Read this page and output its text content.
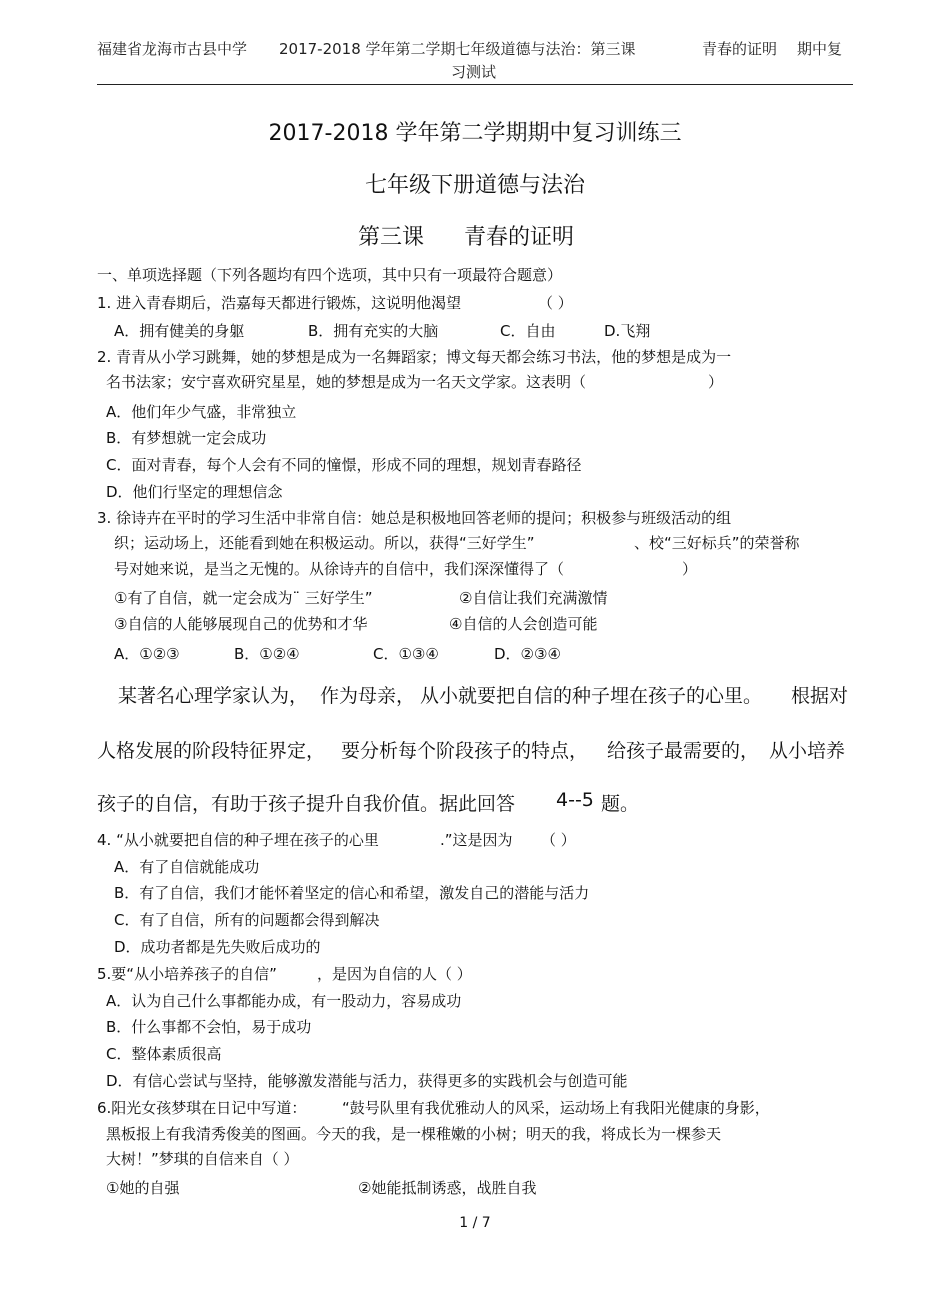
福建省龙海市古县中学 2017-2018 学年第二学期七年级道德与法治：第三课	青春的证明 期中复
习测试
2017-2018 学年第二学期期中复习训练三
七年级下册道德与法治
第三课 青春的证明
一、单项选择题（下列各题均有四个选项，其中只有一项最符合题意）
1. 进入青春期后，浩嘉每天都进行锻炼，这说明他渴望	（ ）
A．拥有健美的身躯	B．拥有充实的大脑	C．自由	D.飞翔
2. 青青从小学习跳舞，她的梦想是成为一名舞蹈家；博文每天都会练习书法，他的梦想是成为一
名书法家；安宁喜欢研究星星，她的梦想是成为一名天文学家。这表明（	）
A．他们年少气盛，非常独立
B．有梦想就一定会成功
C．面对青春，每个人会有不同的憧憬，形成不同的理想，规划青春路径
D．他们行坚定的理想信念
3. 徐诗卉在平时的学习生活中非常自信：她总是积极地回答老师的提问；积极参与班级活动的组
织；运动场上，还能看到她在积极运动。所以，获得“三好学生”	、校“三好标兵”的荣誉称
号对她来说，是当之无愧的。从徐诗卉的自信中，我们深深懂得了（	）
①有了自信，就一定会成为¨ 三好学生”	②自信让我们充满激情
③自信的人能够展现自己的优势和才华	④自信的人会创造可能
A．①②③	B．①②④	C．①③④	D．②③④
某著名心理学家认为， 作为母亲， 从小就要把自信的种子埋在孩子的心里。 根据对
人格发展的阶段特征界定， 要分析每个阶段孩子的特点， 给孩子最需要的， 从小培养
孩子的自信，有助于孩子提升自我价值。据此回答 4--5 题。
4. “从小就要把自信的种子埋在孩子的心里	.”这是因为 （ ）
A．有了自信就能成功
B．有了自信，我们才能怀着坚定的信心和希望，激发自己的潜能与活力
C．有了自信，所有的问题都会得到解决
D．成功者都是先失败后成功的
5.要“从小培养孩子的自信”	，是因为自信的人（ ）
A．认为自己什么事都能办成，有一股动力，容易成功
B．什么事都不会怕，易于成功
C．整体素质很高
D．有信心尝试与坚持，能够激发潜能与活力，获得更多的实践机会与创造可能
6.阳光女孩梦琪在日记中写道： “鼓号队里有我优雅动人的风采，运动场上有我阳光健康的身影，
黑板报上有我清秀俊美的图画。今天的我，是一棵稚嫩的小树；明天的我，将成长为一棵参天
大树！”梦琪的自信来自（ ）
①她的自强	②她能抵制诱惑，战胜自我
1 / 7
